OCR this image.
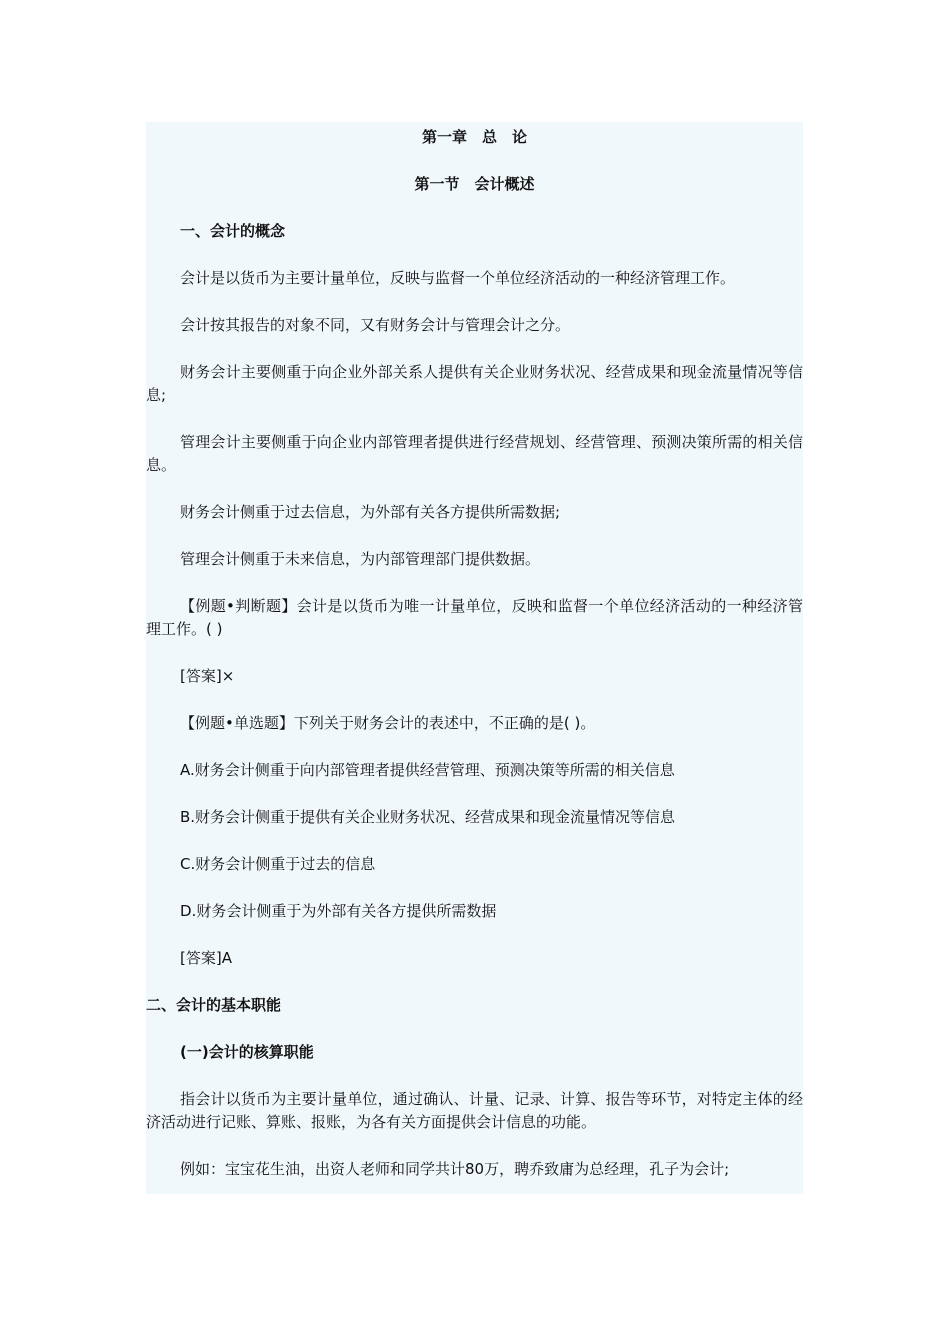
第一章　总　论

第一节　会计概述

一、会计的概念

会计是以货币为主要计量单位，反映与监督一个单位经济活动的一种经济管理工作。

会计按其报告的对象不同，又有财务会计与管理会计之分。

财务会计主要侧重于向企业外部关系人提供有关企业财务状况、经营成果和现金流量情况等信息;

管理会计主要侧重于向企业内部管理者提供进行经营规划、经营管理、预测决策所需的相关信息。

财务会计侧重于过去信息，为外部有关各方提供所需数据;

管理会计侧重于未来信息，为内部管理部门提供数据。

【例题•判断题】会计是以货币为唯一计量单位，反映和监督一个单位经济活动的一种经济管理工作。( )

[答案]×

【例题•单选题】下列关于财务会计的表述中，不正确的是( )。

A.财务会计侧重于向内部管理者提供经营管理、预测决策等所需的相关信息

B.财务会计侧重于提供有关企业财务状况、经营成果和现金流量情况等信息

C.财务会计侧重于过去的信息

D.财务会计侧重于为外部有关各方提供所需数据

[答案]A

二、会计的基本职能

(一)会计的核算职能

指会计以货币为主要计量单位，通过确认、计量、记录、计算、报告等环节，对特定主体的经济活动进行记账、算账、报账，为各有关方面提供会计信息的功能。

例如：宝宝花生油，出资人老师和同学共计80万，聘乔致庸为总经理，孔子为会计;
